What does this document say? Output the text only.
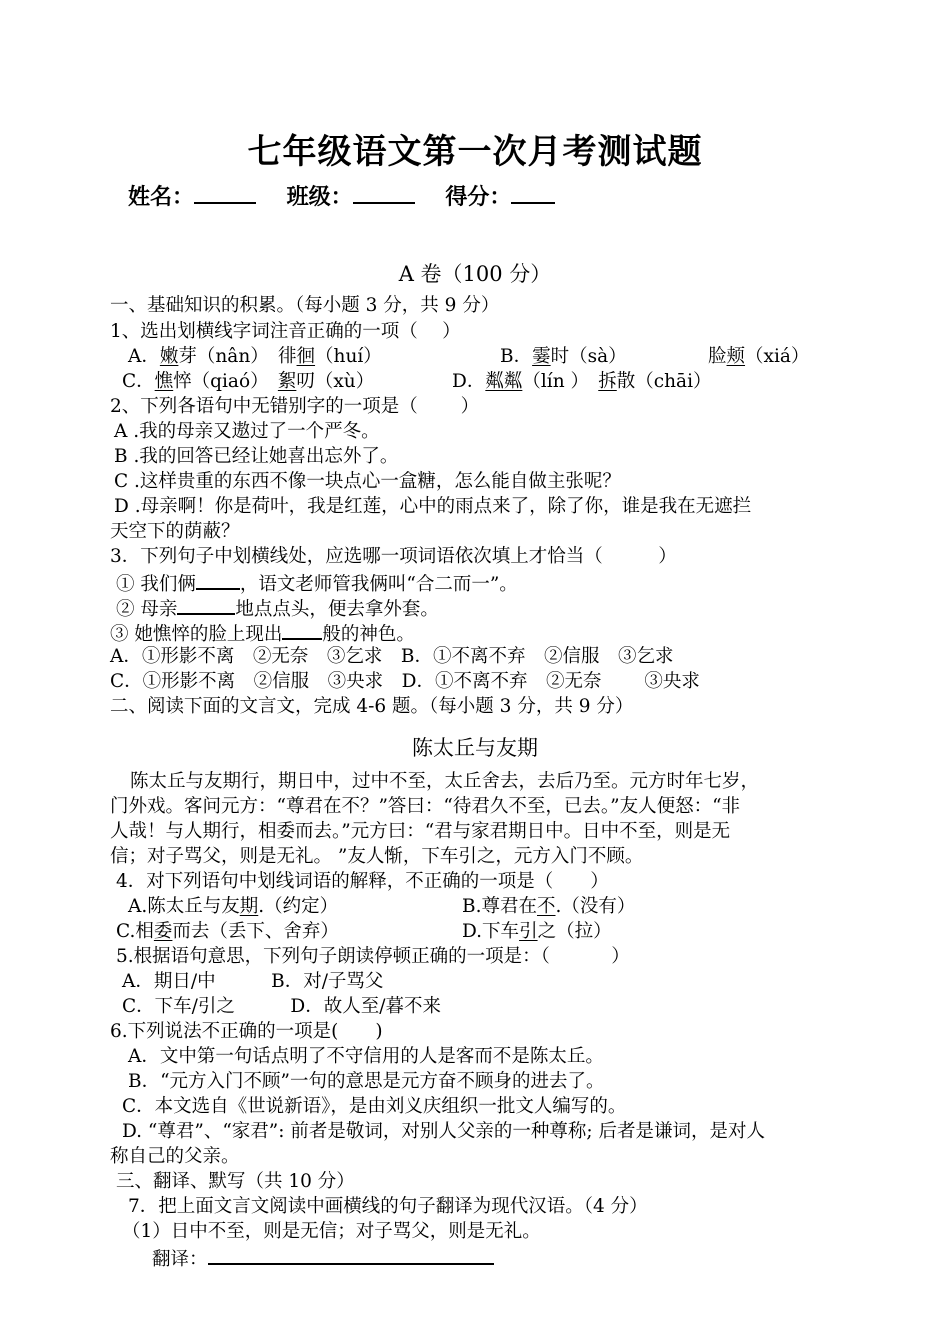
七年级语文第一次月考测试题
姓名：	班级：	得分：
A 卷（100 分）
一、基础知识的积累。（每小题 3 分，共 9 分）
1、选出划横线字词注音正确的一项（　 ）
A．嫩芽（nân）　徘徊（huí）	B．霎时（sà）	脸颊（xiá）
C．憔悴（qiaó）　絮叨（xù）	D．粼粼（lín ）　拆散（chāi）
2、下列各语句中无错别字的一项是（　　 ）
A .我的母亲又遨过了一个严冬。
B .我的回答已经让她喜出忘外了。
C .这样贵重的东西不像一块点心一盒糖，怎么能自做主张呢？
D .母亲啊！你是荷叶，我是红莲，心中的雨点来了，除了你，谁是我在无遮拦
天空下的荫蔽？
3．下列句子中划横线处，应选哪一项词语依次填上才恰当（　　　）
① 我们俩 ，语文老师管我俩叫“合二而一”。
② 母亲	地点点头，便去拿外套。
③ 她憔悴的脸上现出 般的神色。
A．①形影不离　②无奈　③乞求　B．①不离不弃　②信服　③乞求
C．①形影不离　②信服　③央求　D．①不离不弃　②无奈　　 ③央求
二、阅读下面的文言文，完成 4-6 题。（每小题 3 分，共 9 分）
陈太丘与友期
陈太丘与友期行，期日中，过中不至，太丘舍去，去后乃至。元方时年七岁，
门外戏。客问元方：“尊君在不？”答曰：“待君久不至，已去。”友人便怒：“非
人哉！与人期行，相委而去。”元方曰：“君与家君期日中。日中不至，则是无
信；对子骂父，则是无礼。 ”友人惭，下车引之，元方入门不顾。
4．对下列语句中划线词语的解释，不正确的一项是（　　）
A.陈太丘与友期.（约定）	B.尊君在不.（没有）
C.相委而去（丢下、舍弃）	D.下车引之（拉）
5.根据语句意思，下列句子朗读停顿正确的一项是：（　　　 ）
A．期日/中　　　B．对/子骂父
C．下车/引之　　　D．故人至/暮不来
6.下列说法不正确的一项是(　　)
A．文中第一句话点明了不守信用的人是客而不是陈太丘。
B．“元方入门不顾”一句的意思是元方奋不顾身的进去了。
C．本文选自《世说新语》，是由刘义庆组织一批文人编写的。
D. “尊君”、“家君”: 前者是敬词，对别人父亲的一种尊称; 后者是谦词，是对人
称自己的父亲。
三、翻译、默写（共 10 分）
7．把上面文言文阅读中画横线的句子翻译为现代汉语。（4 分）
（1）日中不至，则是无信；对子骂父，则是无礼。
翻译：
